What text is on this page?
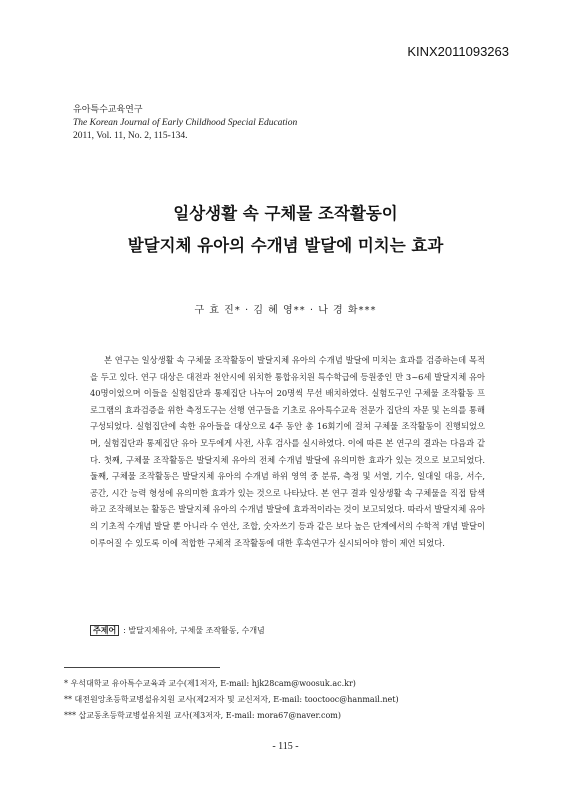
KINX2011093263
유아특수교육연구
The Korean Journal of Early Childhood Special Education
2011, Vol. 11, No. 2, 115-134.
일상생활 속 구체물 조작활동이
발달지체 유아의 수개념 발달에 미치는 효과
구 효 진* · 김 혜 영** · 나 경 화***

본 연구는 일상생활 속 구체물 조작활동이 발달지체 유아의 수개념 발달에 미치는 효과를 검증하는데 목적을 두고 있다. 연구 대상은 대전과 천안시에 위치한 통합유치원 특수학급에 등원중인 만 3~6세 발달지체 유아 40명이었으며 이들을 실험집단과 통제집단 나누어 20명씩 무선 배치하였다. 실험도구인 구체물 조작활동 프로그램의 효과검증을 위한 측정도구는 선행 연구들을 기초로 유아특수교육 전문가 집단의 자문 및 논의를 통해 구성되었다. 실험집단에 속한 유아들을 대상으로 4주 동안 총 16회기에 걸쳐 구체물 조작활동이 진행되었으며, 실험집단과 통제집단 유아 모두에게 사전, 사후 검사를 실시하였다. 이에 따른 본 연구의 결과는 다음과 같다. 첫째, 구체물 조작활동은 발달지체 유아의 전체 수개념 발달에 유의미한 효과가 있는 것으로 보고되었다. 둘째, 구체물 조작활동은 발달지체 유아의 수개념 하위 영역 중 분류, 측정 및 서열, 기수, 일대일 대응, 서수, 공간, 시간 능력 형성에 유의미한 효과가 있는 것으로 나타났다. 본 연구 결과 일상생활 속 구체물을 직접 탐색하고 조작해보는 활동은 발달지체 유아의 수개념 발달에 효과적이라는 것이 보고되었다. 따라서 발달지체 유아의 기초적 수개념 발달 뿐 아니라 수 연산, 조합, 숫자쓰기 등과 같은 보다 높은 단계에서의 수학적 개념 발달이 이루어질 수 있도록 이에 적합한 구체적 조작활동에 대한 후속연구가 실시되어야 함이 제언 되었다.

주제어 : 발달지체유아, 구체물 조작활동, 수개념
* 우석대학교 유아특수교육과 교수(제1저자, E-mail: hjk28cam@woosuk.ac.kr)
** 대전원앙초등학교병설유치원 교사(제2저자 및 교신저자, E-mail: tooctooc@hanmail.net)
*** 삽교동초등학교병설유치원 교사(제3저자, E-mail: mora67@naver.com)
- 115 -
